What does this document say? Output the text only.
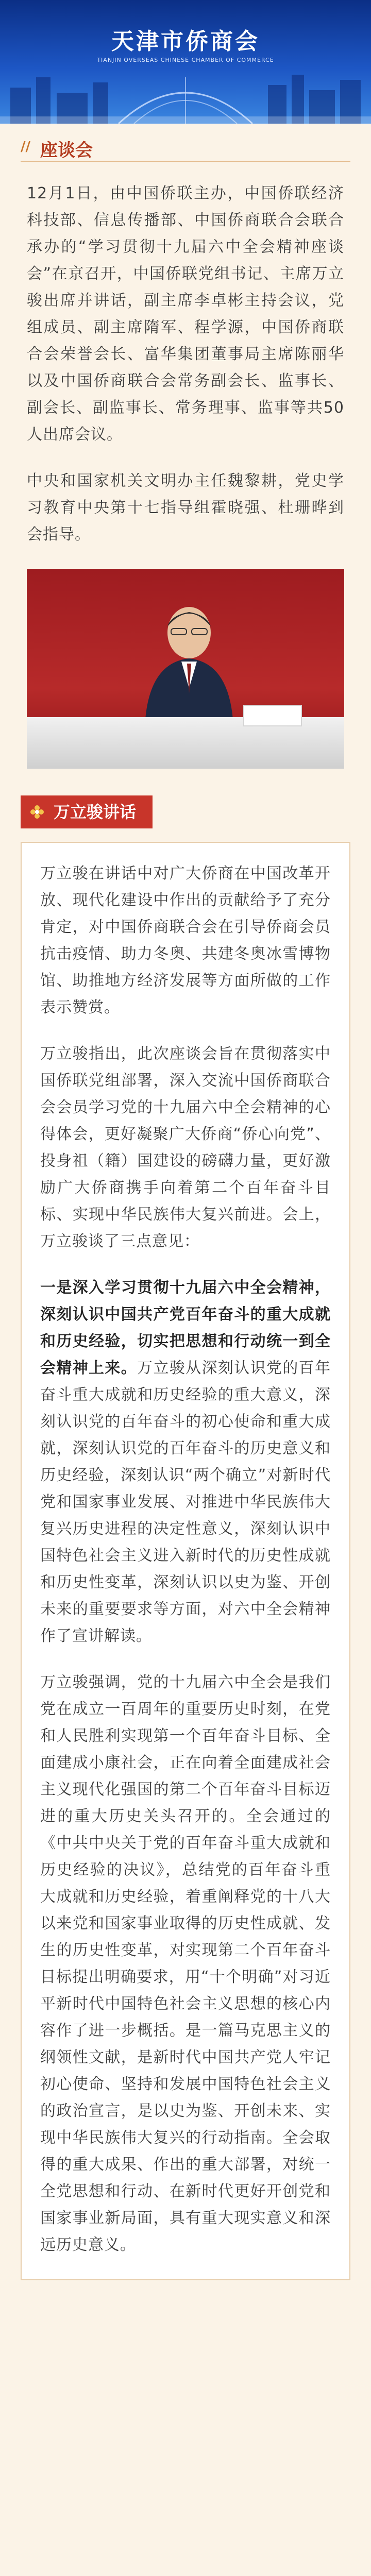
天津市侨商会
TIANJIN OVERSEAS CHINESE CHAMBER OF COMMERCE
// 座谈会

12月1日，由中国侨联主办，中国侨联经济科技部、信息传播部、中国侨商联合会联合承办的“学习贯彻十九届六中全会精神座谈会”在京召开，中国侨联党组书记、主席万立骏出席并讲话，副主席李卓彬主持会议，党组成员、副主席隋军、程学源，中国侨商联合会荣誉会长、富华集团董事局主席陈丽华以及中国侨商联合会常务副会长、监事长、副会长、副监事长、常务理事、监事等共50人出席会议。

中央和国家机关文明办主任魏黎耕，党史学习教育中央第十七指导组霍晓强、杜珊晔到会指导。

万立骏讲话

万立骏在讲话中对广大侨商在中国改革开放、现代化建设中作出的贡献给予了充分肯定，对中国侨商联合会在引导侨商会员抗击疫情、助力冬奥、共建冬奥冰雪博物馆、助推地方经济发展等方面所做的工作表示赞赏。

万立骏指出，此次座谈会旨在贯彻落实中国侨联党组部署，深入交流中国侨商联合会会员学习党的十九届六中全会精神的心得体会，更好凝聚广大侨商“侨心向党”、投身祖（籍）国建设的磅礴力量，更好激励广大侨商携手向着第二个百年奋斗目标、实现中华民族伟大复兴前进。会上，万立骏谈了三点意见：

一是深入学习贯彻十九届六中全会精神，深刻认识中国共产党百年奋斗的重大成就和历史经验，切实把思想和行动统一到全会精神上来。万立骏从深刻认识党的百年奋斗重大成就和历史经验的重大意义，深刻认识党的百年奋斗的初心使命和重大成就，深刻认识党的百年奋斗的历史意义和历史经验，深刻认识“两个确立”对新时代党和国家事业发展、对推进中华民族伟大复兴历史进程的决定性意义，深刻认识中国特色社会主义进入新时代的历史性成就和历史性变革，深刻认识以史为鉴、开创未来的重要要求等方面，对六中全会精神作了宣讲解读。

万立骏强调，党的十九届六中全会是我们党在成立一百周年的重要历史时刻，在党和人民胜利实现第一个百年奋斗目标、全面建成小康社会，正在向着全面建成社会主义现代化强国的第二个百年奋斗目标迈进的重大历史关头召开的。全会通过的《中共中央关于党的百年奋斗重大成就和历史经验的决议》，总结党的百年奋斗重大成就和历史经验，着重阐释党的十八大以来党和国家事业取得的历史性成就、发生的历史性变革，对实现第二个百年奋斗目标提出明确要求，用“十个明确”对习近平新时代中国特色社会主义思想的核心内容作了进一步概括。是一篇马克思主义的纲领性文献，是新时代中国共产党人牢记初心使命、坚持和发展中国特色社会主义的政治宣言，是以史为鉴、开创未来、实现中华民族伟大复兴的行动指南。全会取得的重大成果、作出的重大部署，对统一全党思想和行动、在新时代更好开创党和国家事业新局面，具有重大现实意义和深远历史意义。
